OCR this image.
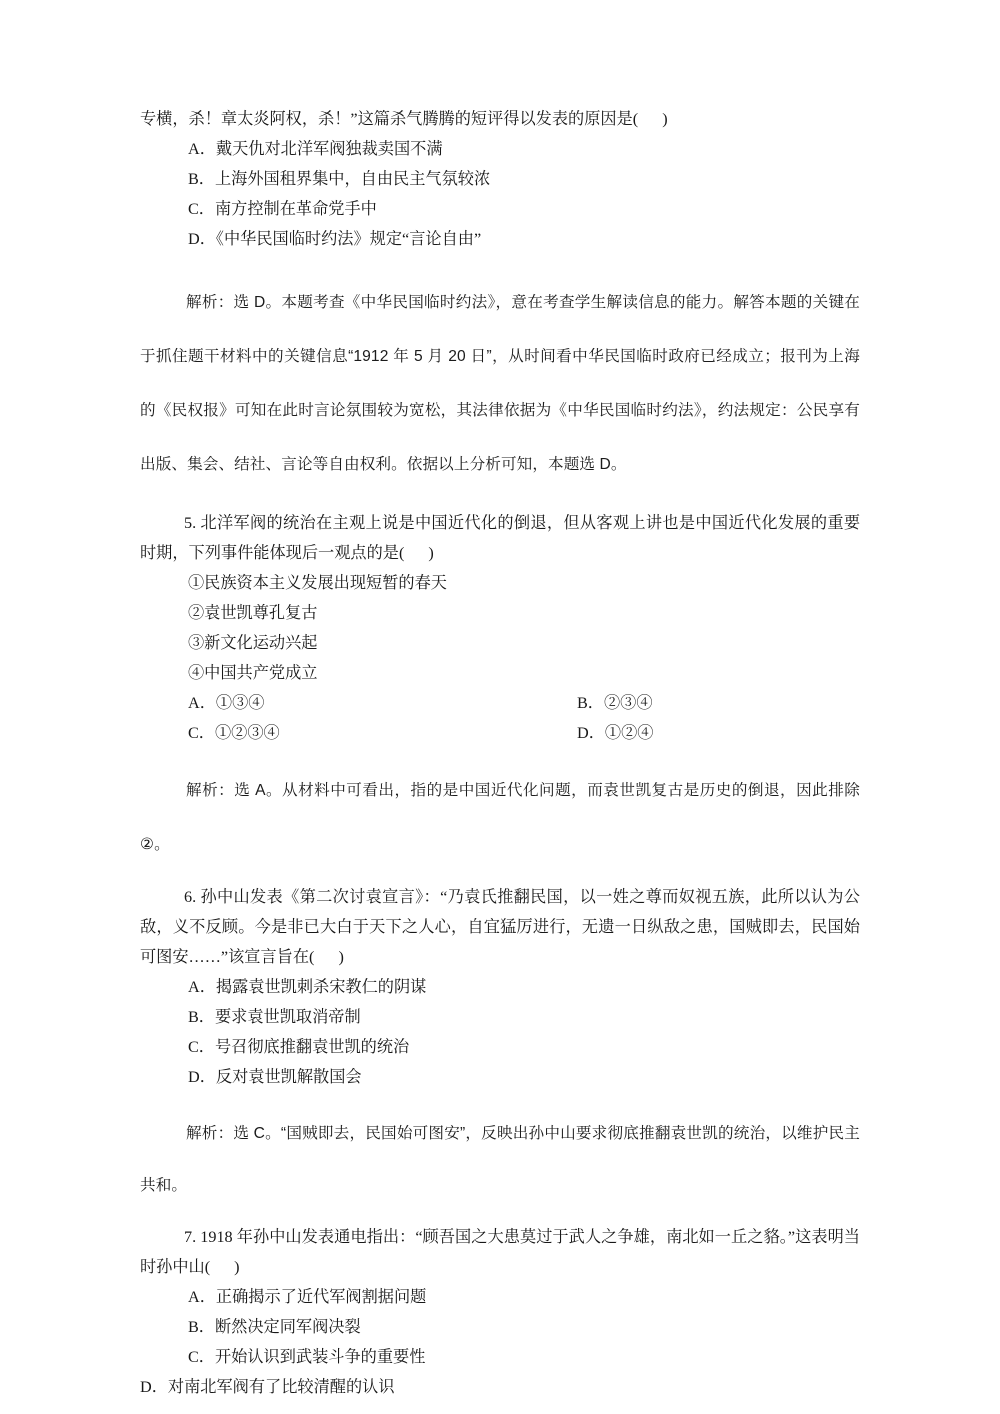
专横，杀！章太炎阿权，杀！”这篇杀气腾腾的短评得以发表的原因是( )
A．戴天仇对北洋军阀独裁卖国不满
B．上海外国租界集中，自由民主气氛较浓
C．南方控制在革命党手中
D．《中华民国临时约法》规定“言论自由”
解析：选 D。本题考查《中华民国临时约法》，意在考查学生解读信息的能力。解答本题的关键在于抓住题干材料中的关键信息“1912 年 5 月 20 日”，从时间看中华民国临时政府已经成立；报刊为上海的《民权报》可知在此时言论氛围较为宽松，其法律依据为《中华民国临时约法》，约法规定：公民享有出版、集会、结社、言论等自由权利。依据以上分析可知，本题选 D。
5. 北洋军阀的统治在主观上说是中国近代化的倒退，但从客观上讲也是中国近代化发展的重要时期，下列事件能体现后一观点的是( )
①民族资本主义发展出现短暂的春天
②袁世凯尊孔复古
③新文化运动兴起
④中国共产党成立
A．①③④	B．②③④
C．①②③④	D．①②④
解析：选 A。从材料中可看出，指的是中国近代化问题，而袁世凯复古是历史的倒退，因此排除②。
6. 孙中山发表《第二次讨袁宣言》：“乃袁氏推翻民国，以一姓之尊而奴视五族，此所以认为公敌，义不反顾。今是非已大白于天下之人心，自宜猛厉进行，无遗一日纵敌之患，国贼即去，民国始可图安……”该宣言旨在( )
A．揭露袁世凯刺杀宋教仁的阴谋
B．要求袁世凯取消帝制
C．号召彻底推翻袁世凯的统治
D．反对袁世凯解散国会
解析：选 C。“国贼即去，民国始可图安”，反映出孙中山要求彻底推翻袁世凯的统治，以维护民主共和。
7. 1918 年孙中山发表通电指出：“顾吾国之大患莫过于武人之争雄，南北如一丘之貉。”这表明当时孙中山( )
A．正确揭示了近代军阀割据问题
B．断然决定同军阀决裂
C．开始认识到武装斗争的重要性
D．对南北军阀有了比较清醒的认识
